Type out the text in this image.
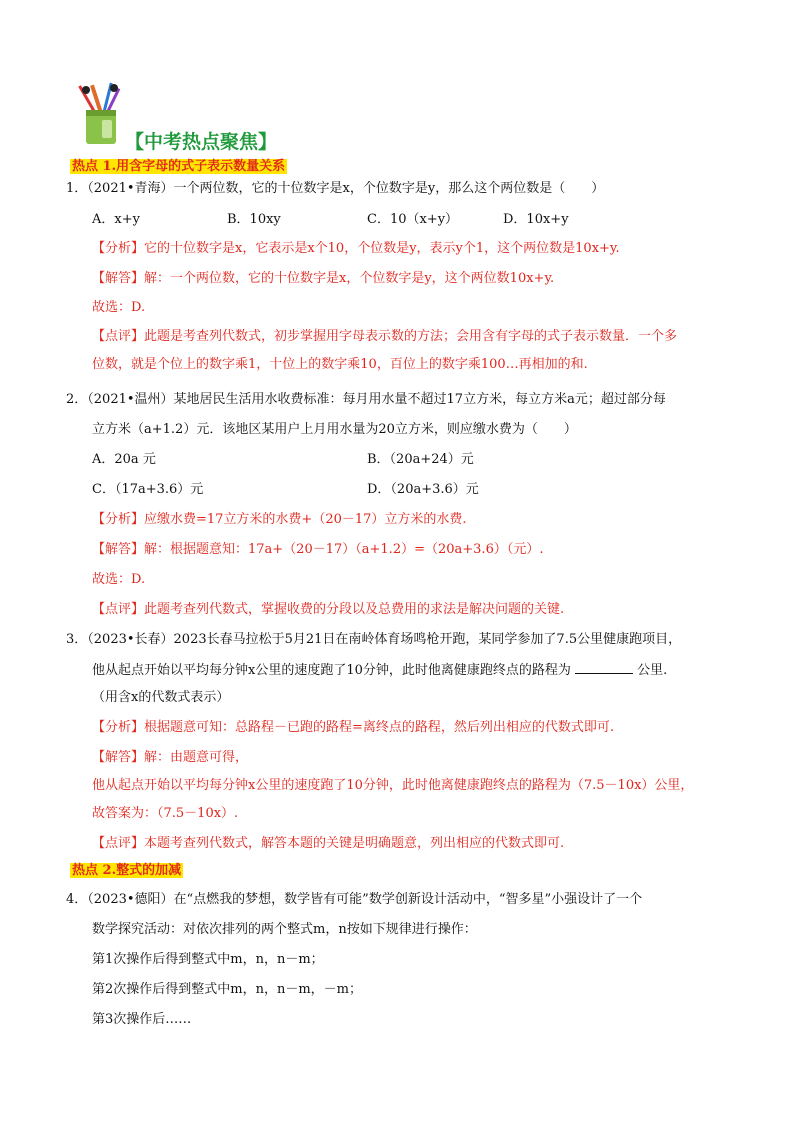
【中考热点聚焦】
热点 1.用含字母的式子表示数量关系
1．（2021•青海）一个两位数，它的十位数字是x，个位数字是y，那么这个两位数是（　　）
A．x+y	B．10xy	C．10（x+y）	D．10x+y
【分析】它的十位数字是x，它表示是x个10，个位数是y，表示y个1，这个两位数是10x+y.
【解答】解：一个两位数，它的十位数字是x，个位数字是y，这个两位数10x+y.
故选：D.
【点评】此题是考查列代数式，初步掌握用字母表示数的方法；会用含有字母的式子表示数量．一个多
位数，就是个位上的数字乘1，十位上的数字乘10，百位上的数字乘100…再相加的和.
2．（2021•温州）某地居民生活用水收费标准：每月用水量不超过17立方米，每立方米a元；超过部分每
立方米（a+1.2）元．该地区某用户上月用水量为20立方米，则应缴水费为（　　）
A．20a 元	B．（20a+24）元
C．（17a+3.6）元	D．（20a+3.6）元
【分析】应缴水费=17立方米的水费+（20－17）立方米的水费.
【解答】解：根据题意知：17a+（20－17）（a+1.2）=（20a+3.6）（元）.
故选：D.
【点评】此题考查列代数式，掌握收费的分段以及总费用的求法是解决问题的关键.
3．（2023•长春）2023长春马拉松于5月21日在南岭体育场鸣枪开跑，某同学参加了7.5公里健康跑项目，
他从起点开始以平均每分钟x公里的速度跑了10分钟，此时他离健康跑终点的路程为	公里.
（用含x的代数式表示）
【分析】根据题意可知：总路程－已跑的路程=离终点的路程，然后列出相应的代数式即可.
【解答】解：由题意可得，
他从起点开始以平均每分钟x公里的速度跑了10分钟，此时他离健康跑终点的路程为（7.5－10x）公里，
故答案为：（7.5－10x）.
【点评】本题考查列代数式，解答本题的关键是明确题意，列出相应的代数式即可.
热点 2.整式的加减
4．（2023•德阳）在“点燃我的梦想，数学皆有可能”数学创新设计活动中，“智多星”小强设计了一个
数学探究活动：对依次排列的两个整式m，n按如下规律进行操作：
第1次操作后得到整式中m，n，n－m；
第2次操作后得到整式中m，n，n－m，－m；
第3次操作后……
